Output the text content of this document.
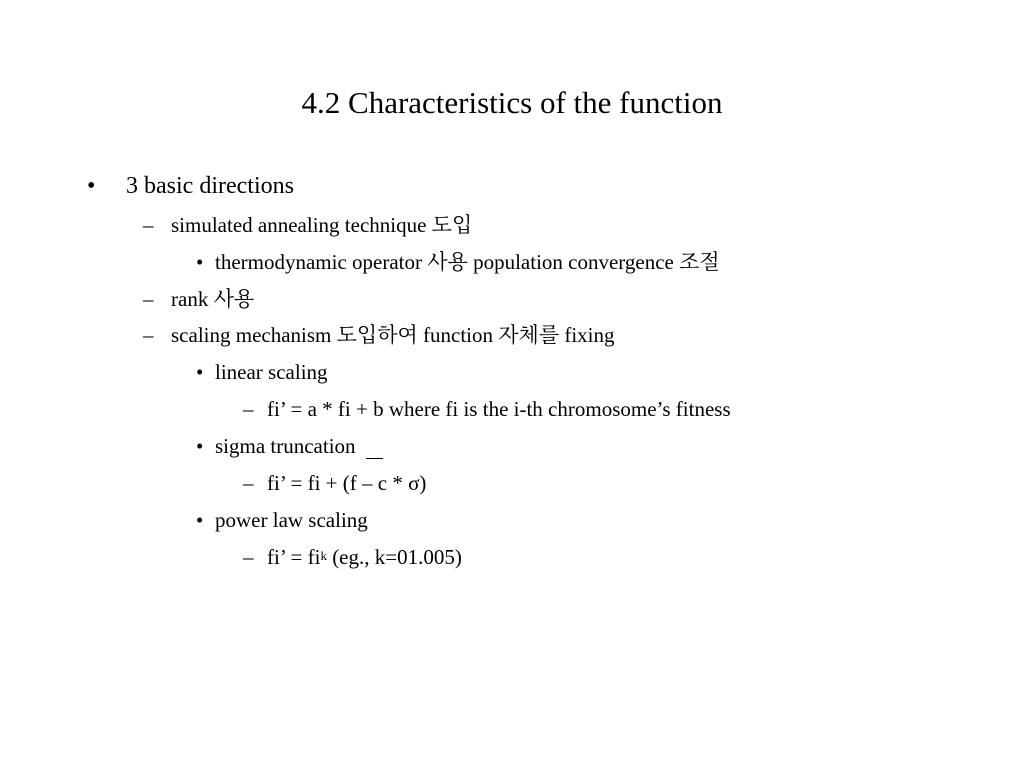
4.2 Characteristics of the function
• 3 basic directions
– simulated annealing technique 도입
• thermodynamic operator 사용 population convergence 조절
– rank 사용
– scaling mechanism 도입하여 function 자체를 fixing
• linear scaling
– fi’ = a * fi + b where fi is the i-th chromosome’s fitness
• sigma truncation
– fi’ = fi + (f – c * σ)
• power law scaling
– fi’ = $fi^k$ (eg., k=01.005)
